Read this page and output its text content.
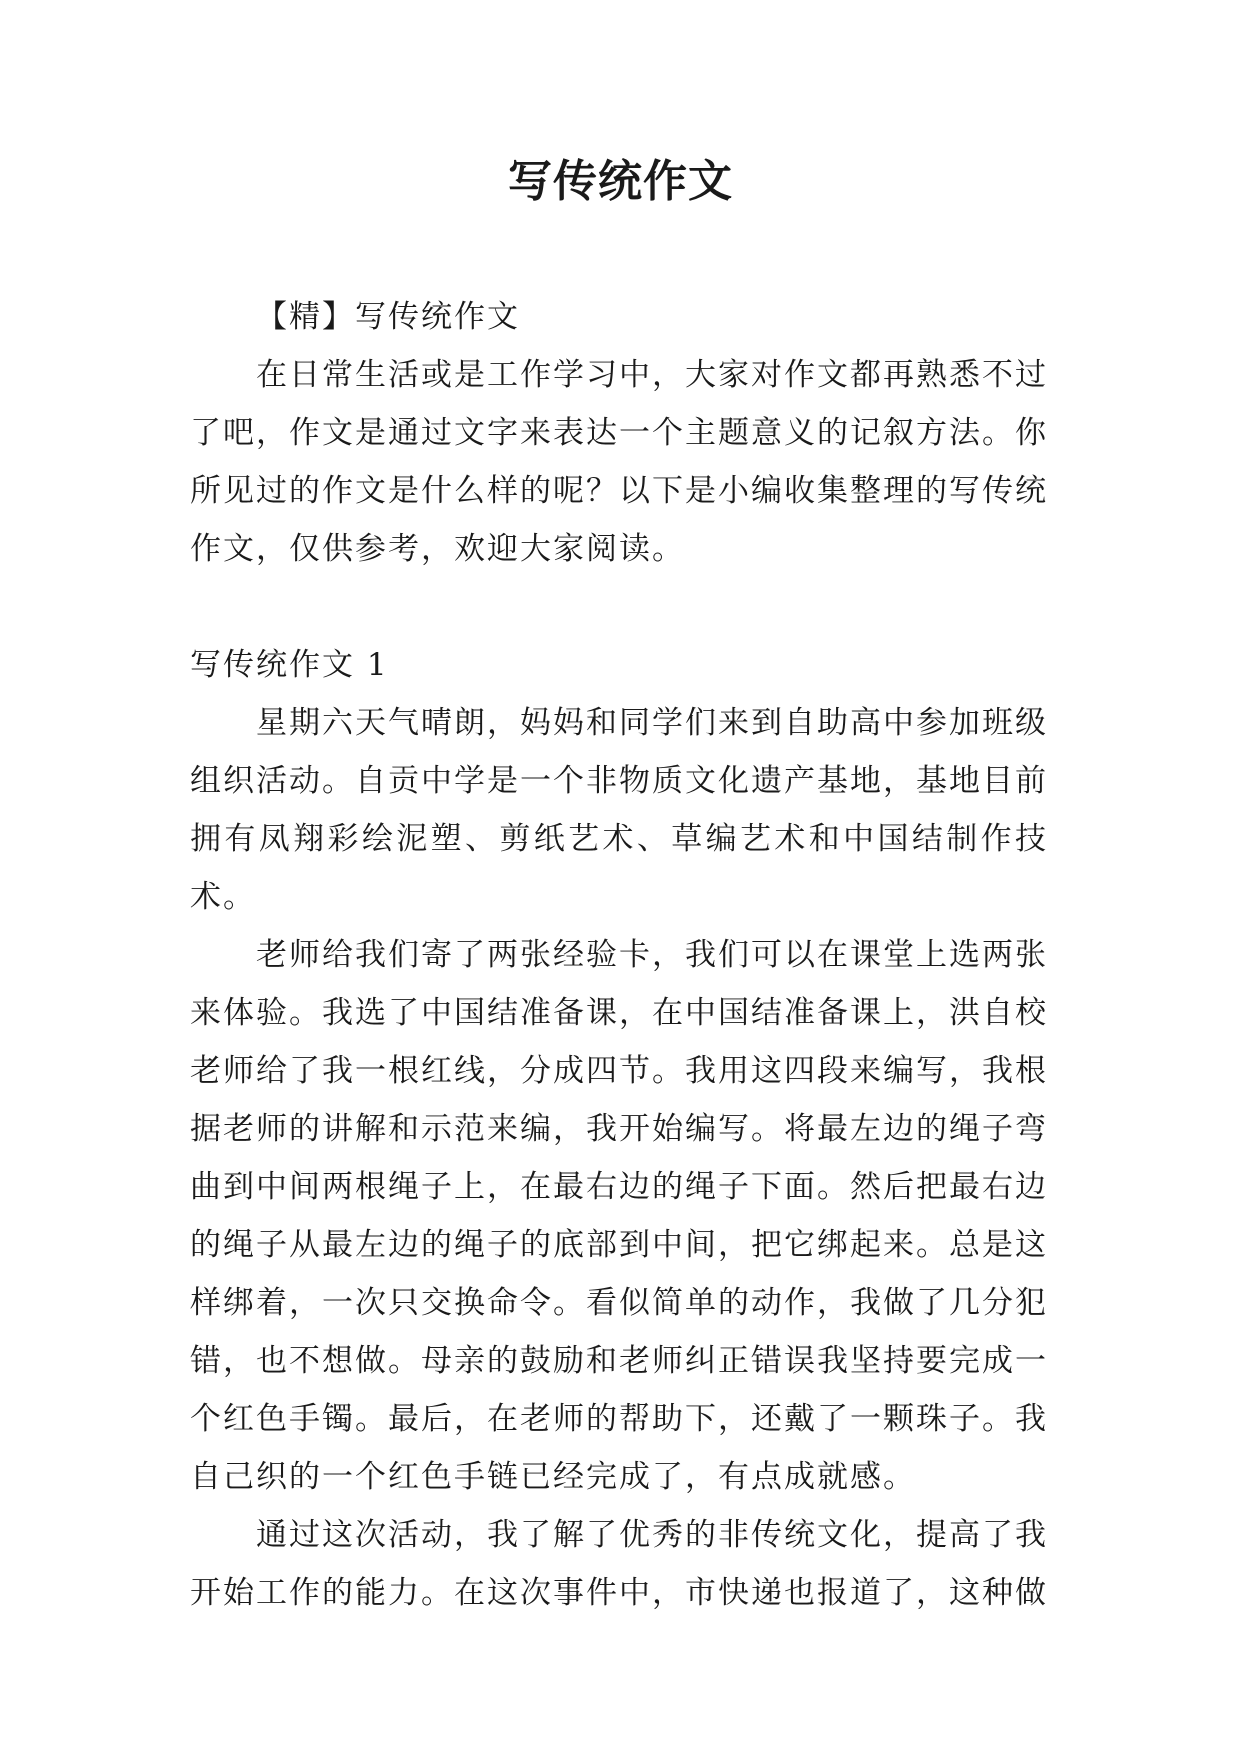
写传统作文

【精】写传统作文

在日常生活或是工作学习中，大家对作文都再熟悉不过了吧，作文是通过文字来表达一个主题意义的记叙方法。你所见过的作文是什么样的呢？以下是小编收集整理的写传统作文，仅供参考，欢迎大家阅读。

写传统作文 1

星期六天气晴朗，妈妈和同学们来到自助高中参加班级组织活动。自贡中学是一个非物质文化遗产基地，基地目前拥有凤翔彩绘泥塑、剪纸艺术、草编艺术和中国结制作技术。

老师给我们寄了两张经验卡，我们可以在课堂上选两张来体验。我选了中国结准备课，在中国结准备课上，洪自校老师给了我一根红线，分成四节。我用这四段来编写，我根据老师的讲解和示范来编，我开始编写。将最左边的绳子弯曲到中间两根绳子上，在最右边的绳子下面。然后把最右边的绳子从最左边的绳子的底部到中间，把它绑起来。总是这样绑着，一次只交换命令。看似简单的动作，我做了几分犯错，也不想做。母亲的鼓励和老师纠正错误我坚持要完成一个红色手镯。最后，在老师的帮助下，还戴了一颗珠子。我自己织的一个红色手链已经完成了，有点成就感。

通过这次活动，我了解了优秀的非传统文化，提高了我开始工作的能力。在这次事件中，市快递也报道了，这种做
